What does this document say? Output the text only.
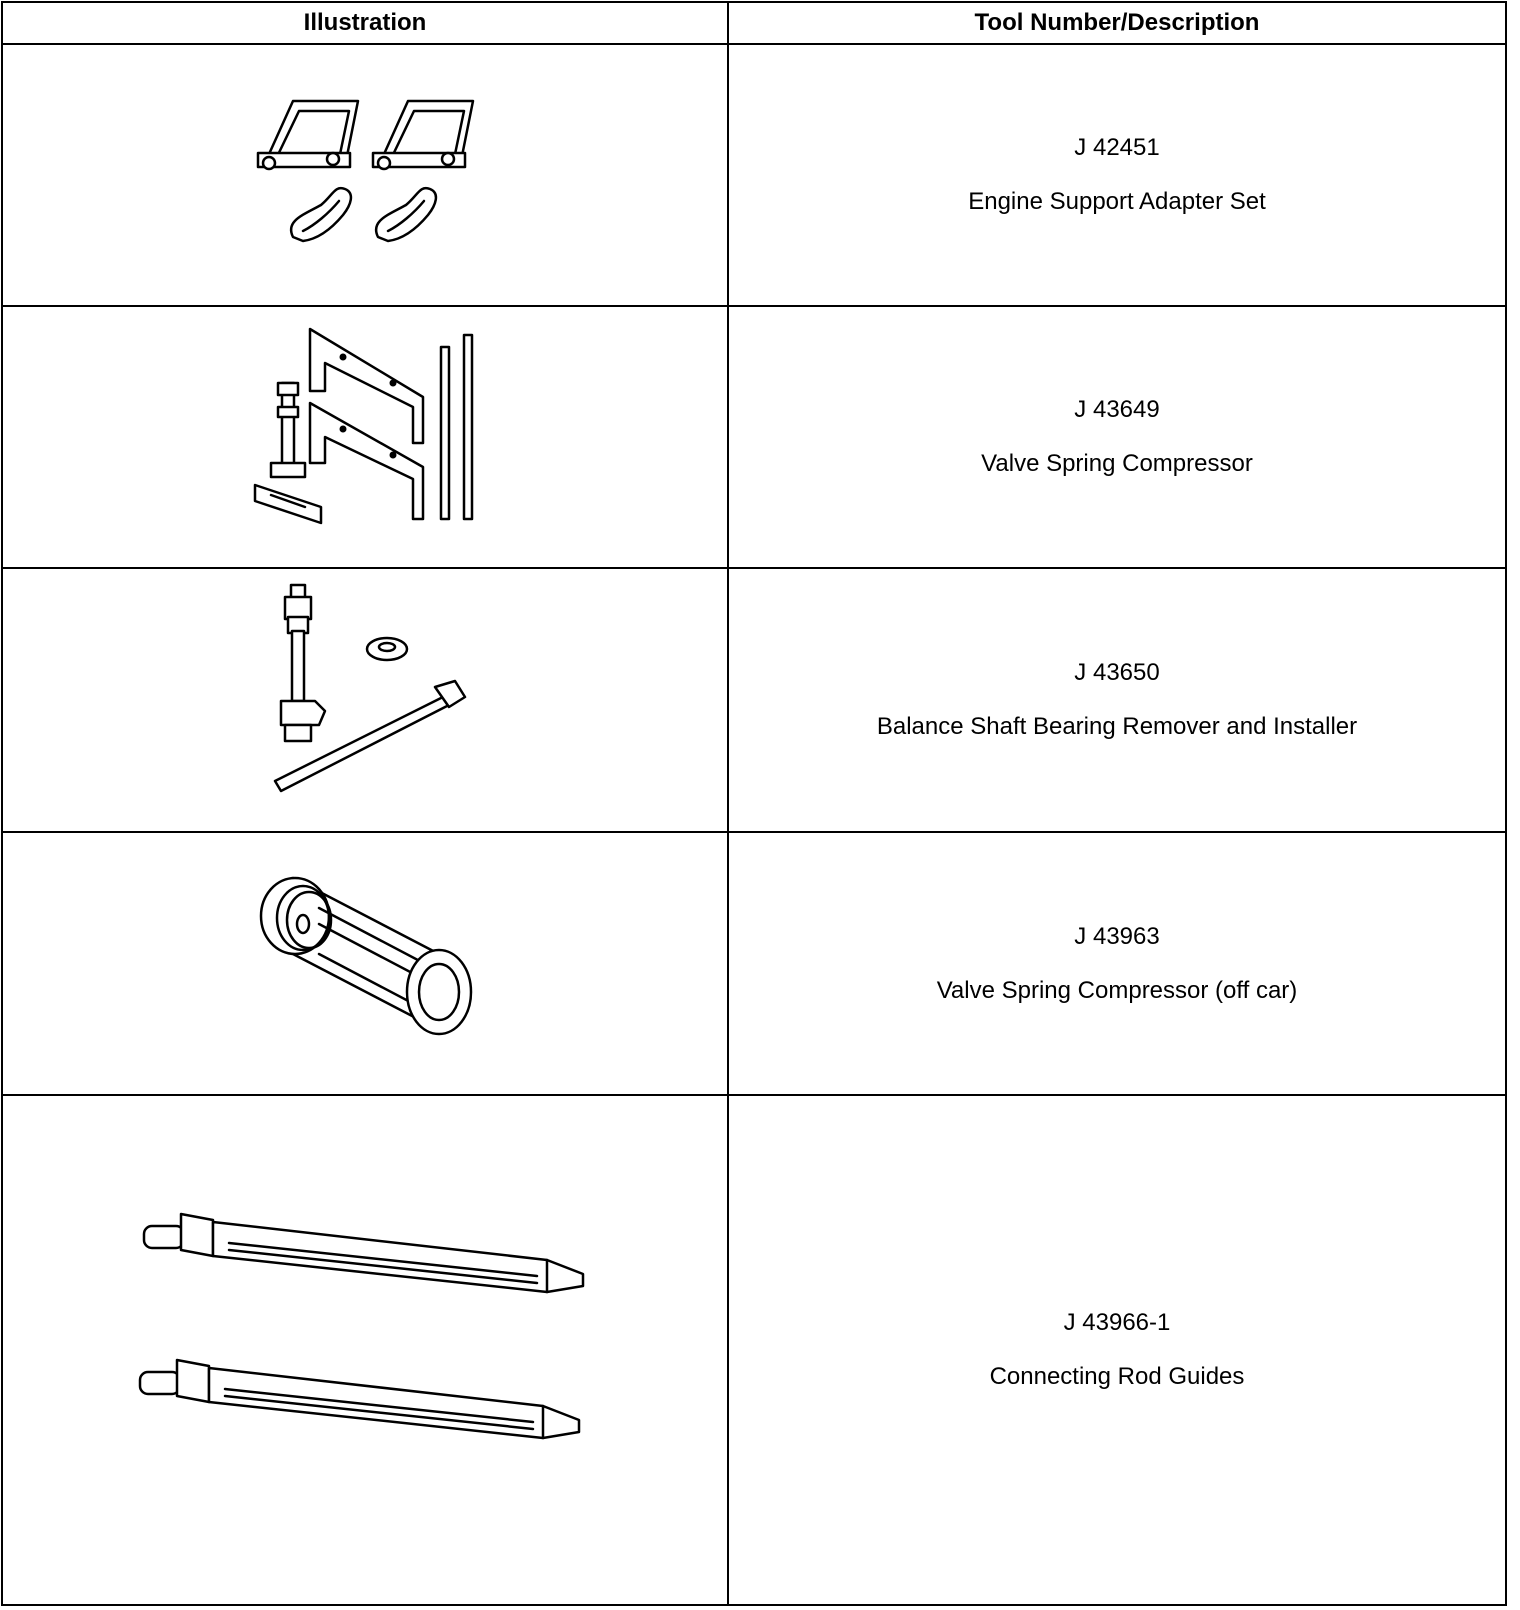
Illustration	Tool Number/Description

J 42451
Engine Support Adapter Set

J 43649
Valve Spring Compressor

J 43650
Balance Shaft Bearing Remover and Installer

J 43963
Valve Spring Compressor (off car)

J 43966-1
Connecting Rod Guides
